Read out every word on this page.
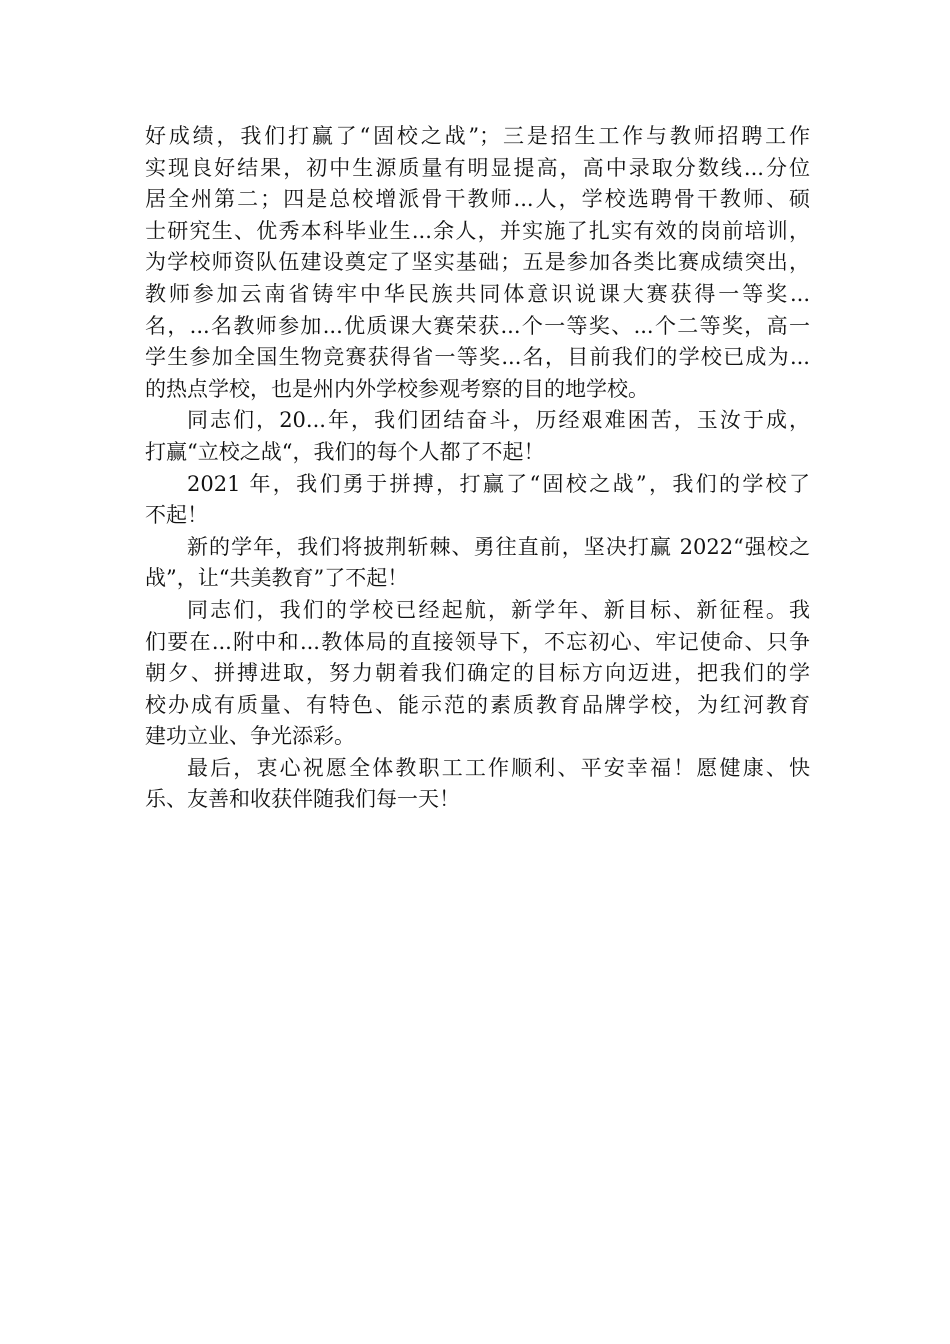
好成绩，我们打赢了“固校之战”；三是招生工作与教师招聘工作
实现良好结果，初中生源质量有明显提高，高中录取分数线...分位
居全州第二；四是总校增派骨干教师...人，学校选聘骨干教师、硕
士研究生、优秀本科毕业生...余人，并实施了扎实有效的岗前培训，
为学校师资队伍建设奠定了坚实基础；五是参加各类比赛成绩突出，
教师参加云南省铸牢中华民族共同体意识说课大赛获得一等奖...
名，...名教师参加...优质课大赛荣获...个一等奖、...个二等奖，高一
学生参加全国生物竞赛获得省一等奖...名，目前我们的学校已成为...
的热点学校，也是州内外学校参观考察的目的地学校。
同志们，20...年，我们团结奋斗，历经艰难困苦，玉汝于成，
打赢“立校之战“，我们的每个人都了不起！
2021 年，我们勇于拼搏，打赢了“固校之战”，我们的学校了
不起！
新的学年，我们将披荆斩棘、勇往直前，坚决打赢 2022“强校之
战”，让“共美教育”了不起！
同志们，我们的学校已经起航，新学年、新目标、新征程。我
们要在...附中和...教体局的直接领导下，不忘初心、牢记使命、只争
朝夕、拼搏进取，努力朝着我们确定的目标方向迈进，把我们的学
校办成有质量、有特色、能示范的素质教育品牌学校，为红河教育
建功立业、争光添彩。
最后，衷心祝愿全体教职工工作顺利、平安幸福！愿健康、快
乐、友善和收获伴随我们每一天！
